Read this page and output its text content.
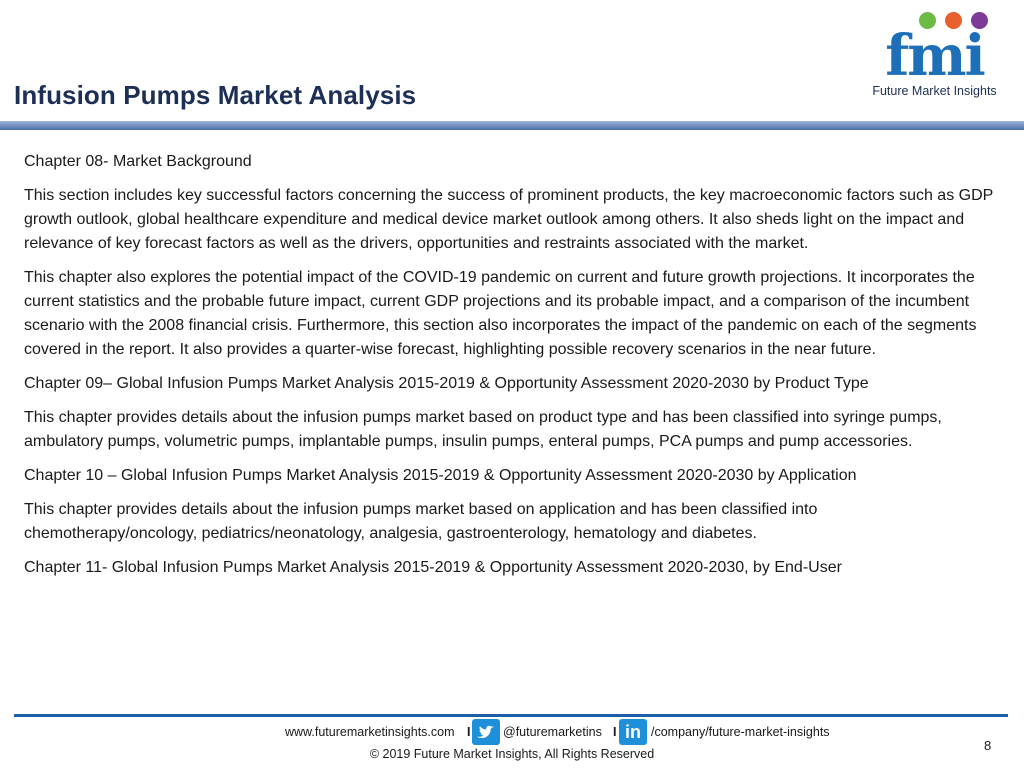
Infusion Pumps Market Analysis
fmi
Future Market Insights

Chapter 08- Market Background

This section includes key successful factors concerning the success of prominent products, the key macroeconomic factors such as GDP growth outlook, global healthcare expenditure and medical device market outlook among others. It also sheds light on the impact and relevance of key forecast factors as well as the drivers, opportunities and restraints associated with the market.

This chapter also explores the potential impact of the COVID-19 pandemic on current and future growth projections. It incorporates the current statistics and the probable future impact, current GDP projections and its probable impact, and a comparison of the incumbent scenario with the 2008 financial crisis. Furthermore, this section also incorporates the impact of the pandemic on each of the segments covered in the report. It also provides a quarter-wise forecast, highlighting possible recovery scenarios in the near future.

Chapter 09– Global Infusion Pumps Market Analysis 2015-2019 & Opportunity Assessment 2020-2030 by Product Type

This chapter provides details about the infusion pumps market based on product type and has been classified into syringe pumps, ambulatory pumps, volumetric pumps, implantable pumps, insulin pumps, enteral pumps, PCA pumps and pump accessories.

Chapter 10 – Global Infusion Pumps Market Analysis 2015-2019 & Opportunity Assessment 2020-2030 by Application

This chapter provides details about the infusion pumps market based on application and has been classified into chemotherapy/oncology, pediatrics/neonatology, analgesia, gastroenterology, hematology and diabetes.

Chapter 11- Global Infusion Pumps Market Analysis 2015-2019 & Opportunity Assessment 2020-2030, by End-User

www.futuremarketinsights.com I	@futuremarketins I	/company/future-market-insights
in
© 2019 Future Market Insights, All Rights Reserved
8
